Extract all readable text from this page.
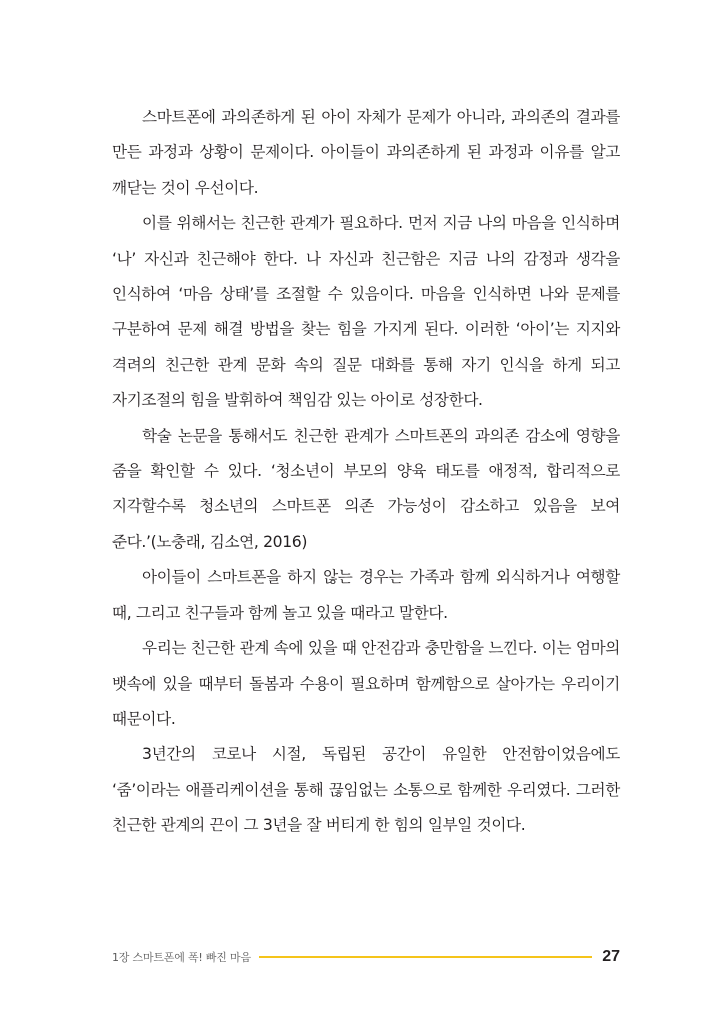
스마트폰에 과의존하게 된 아이 자체가 문제가 아니라, 과의존의 결과를 만든 과정과 상황이 문제이다. 아이들이 과의존하게 된 과정과 이유를 알고 깨닫는 것이 우선이다.

이를 위해서는 친근한 관계가 필요하다. 먼저 지금 나의 마음을 인식하며 ‘나’ 자신과 친근해야 한다. 나 자신과 친근함은 지금 나의 감정과 생각을 인식하여 ‘마음 상태’를 조절할 수 있음이다. 마음을 인식하면 나와 문제를 구분하여 문제 해결 방법을 찾는 힘을 가지게 된다. 이러한 ‘아이’는 지지와 격려의 친근한 관계 문화 속의 질문 대화를 통해 자기 인식을 하게 되고 자기조절의 힘을 발휘하여 책임감 있는 아이로 성장한다.

학술 논문을 통해서도 친근한 관계가 스마트폰의 과의존 감소에 영향을 줌을 확인할 수 있다. ‘청소년이 부모의 양육 태도를 애정적, 합리적으로 지각할수록 청소년의 스마트폰 의존 가능성이 감소하고 있음을 보여 준다.’(노충래, 김소연, 2016)

아이들이 스마트폰을 하지 않는 경우는 가족과 함께 외식하거나 여행할 때, 그리고 친구들과 함께 놀고 있을 때라고 말한다.

우리는 친근한 관계 속에 있을 때 안전감과 충만함을 느낀다. 이는 엄마의 뱃속에 있을 때부터 돌봄과 수용이 필요하며 함께함으로 살아가는 우리이기 때문이다.

3년간의 코로나 시절, 독립된 공간이 유일한 안전함이었음에도 ‘줌’이라는 애플리케이션을 통해 끊임없는 소통으로 함께한 우리였다. 그러한 친근한 관계의 끈이 그 3년을 잘 버티게 한 힘의 일부일 것이다.

1장 스마트폰에 폭! 빠진 마음	27
